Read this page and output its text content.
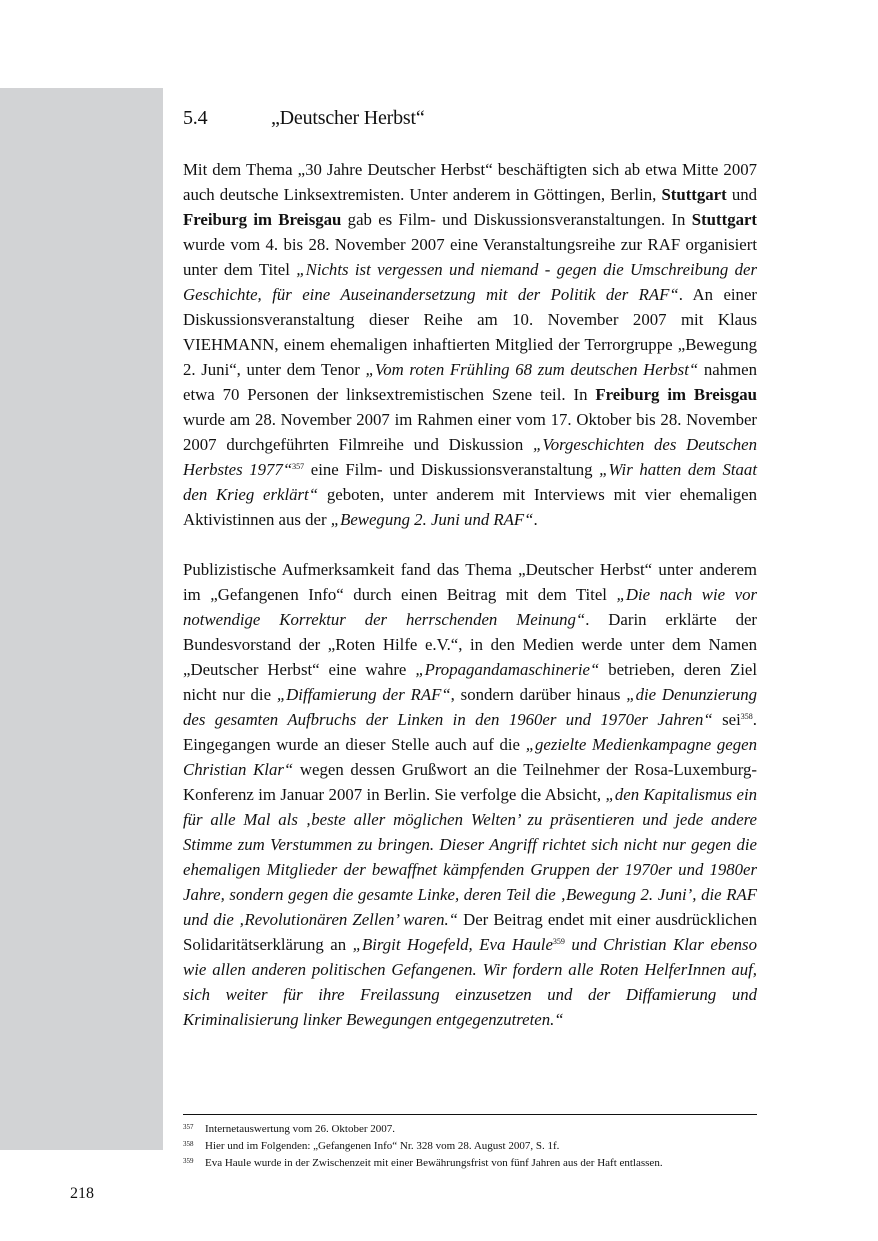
5.4	„Deutscher Herbst“

Mit dem Thema „30 Jahre Deutscher Herbst“ beschäftigten sich ab etwa Mitte 2007 auch deutsche Linksextremisten. Unter anderem in Göttingen, Berlin, Stuttgart und Freiburg im Breisgau gab es Film- und Diskussionsveranstaltungen. In Stuttgart wurde vom 4. bis 28. November 2007 eine Veranstaltungsreihe zur RAF organisiert unter dem Titel „Nichts ist vergessen und niemand - gegen die Umschreibung der Geschichte, für eine Auseinandersetzung mit der Politik der RAF“. An einer Diskussionsveranstaltung dieser Reihe am 10. November 2007 mit Klaus VIEHMANN, einem ehemaligen inhaftierten Mitglied der Terrorgruppe „Bewegung 2. Juni“, unter dem Tenor „Vom roten Frühling 68 zum deutschen Herbst“ nahmen etwa 70 Personen der linksextremistischen Szene teil. In Freiburg im Breisgau wurde am 28. November 2007 im Rahmen einer vom 17. Oktober bis 28. November 2007 durchgeführten Filmreihe und Diskussion „Vorgeschichten des Deutschen Herbstes 1977“$^{357}$ eine Film- und Diskussionsveranstaltung „Wir hatten dem Staat den Krieg erklärt“ geboten, unter anderem mit Interviews mit vier ehemaligen Aktivistinnen aus der „Bewegung 2. Juni und RAF“.

Publizistische Aufmerksamkeit fand das Thema „Deutscher Herbst“ unter anderem im „Gefangenen Info“ durch einen Beitrag mit dem Titel „Die nach wie vor notwendige Korrektur der herrschenden Meinung“. Darin erklärte der Bundesvorstand der „Roten Hilfe e.V.“, in den Medien werde unter dem Namen „Deutscher Herbst“ eine wahre „Propagandamaschinerie“ betrieben, deren Ziel nicht nur die „Diffamierung der RAF“, sondern darüber hinaus „die Denunzierung des gesamten Aufbruchs der Linken in den 1960er und 1970er Jahren“ sei$^{358}$. Eingegangen wurde an dieser Stelle auch auf die „gezielte Medienkampagne gegen Christian Klar“ wegen dessen Grußwort an die Teilnehmer der Rosa-Luxemburg-Konferenz im Januar 2007 in Berlin. Sie verfolge die Absicht, „den Kapitalismus ein für alle Mal als ‚beste aller möglichen Welten’ zu präsentieren und jede andere Stimme zum Verstummen zu bringen. Dieser Angriff richtet sich nicht nur gegen die ehemaligen Mitglieder der bewaffnet kämpfenden Gruppen der 1970er und 1980er Jahre, sondern gegen die gesamte Linke, deren Teil die ‚Bewegung 2. Juni’, die RAF und die ‚Revolutionären Zellen’ waren.“ Der Beitrag endet mit einer ausdrücklichen Solidaritätserklärung an „Birgit Hogefeld, Eva Haule$^{359}$ und Christian Klar ebenso wie allen anderen politischen Gefangenen. Wir fordern alle Roten HelferInnen auf, sich weiter für ihre Freilassung einzusetzen und der Diffamierung und Kriminalisierung linker Bewegungen entgegenzutreten.“

357	Internetauswertung vom 26. Oktober 2007.
358	Hier und im Folgenden: „Gefangenen Info“ Nr. 328 vom 28. August 2007, S. 1f.
359	Eva Haule wurde in der Zwischenzeit mit einer Bewährungsfrist von fünf Jahren aus der Haft entlassen.
218
